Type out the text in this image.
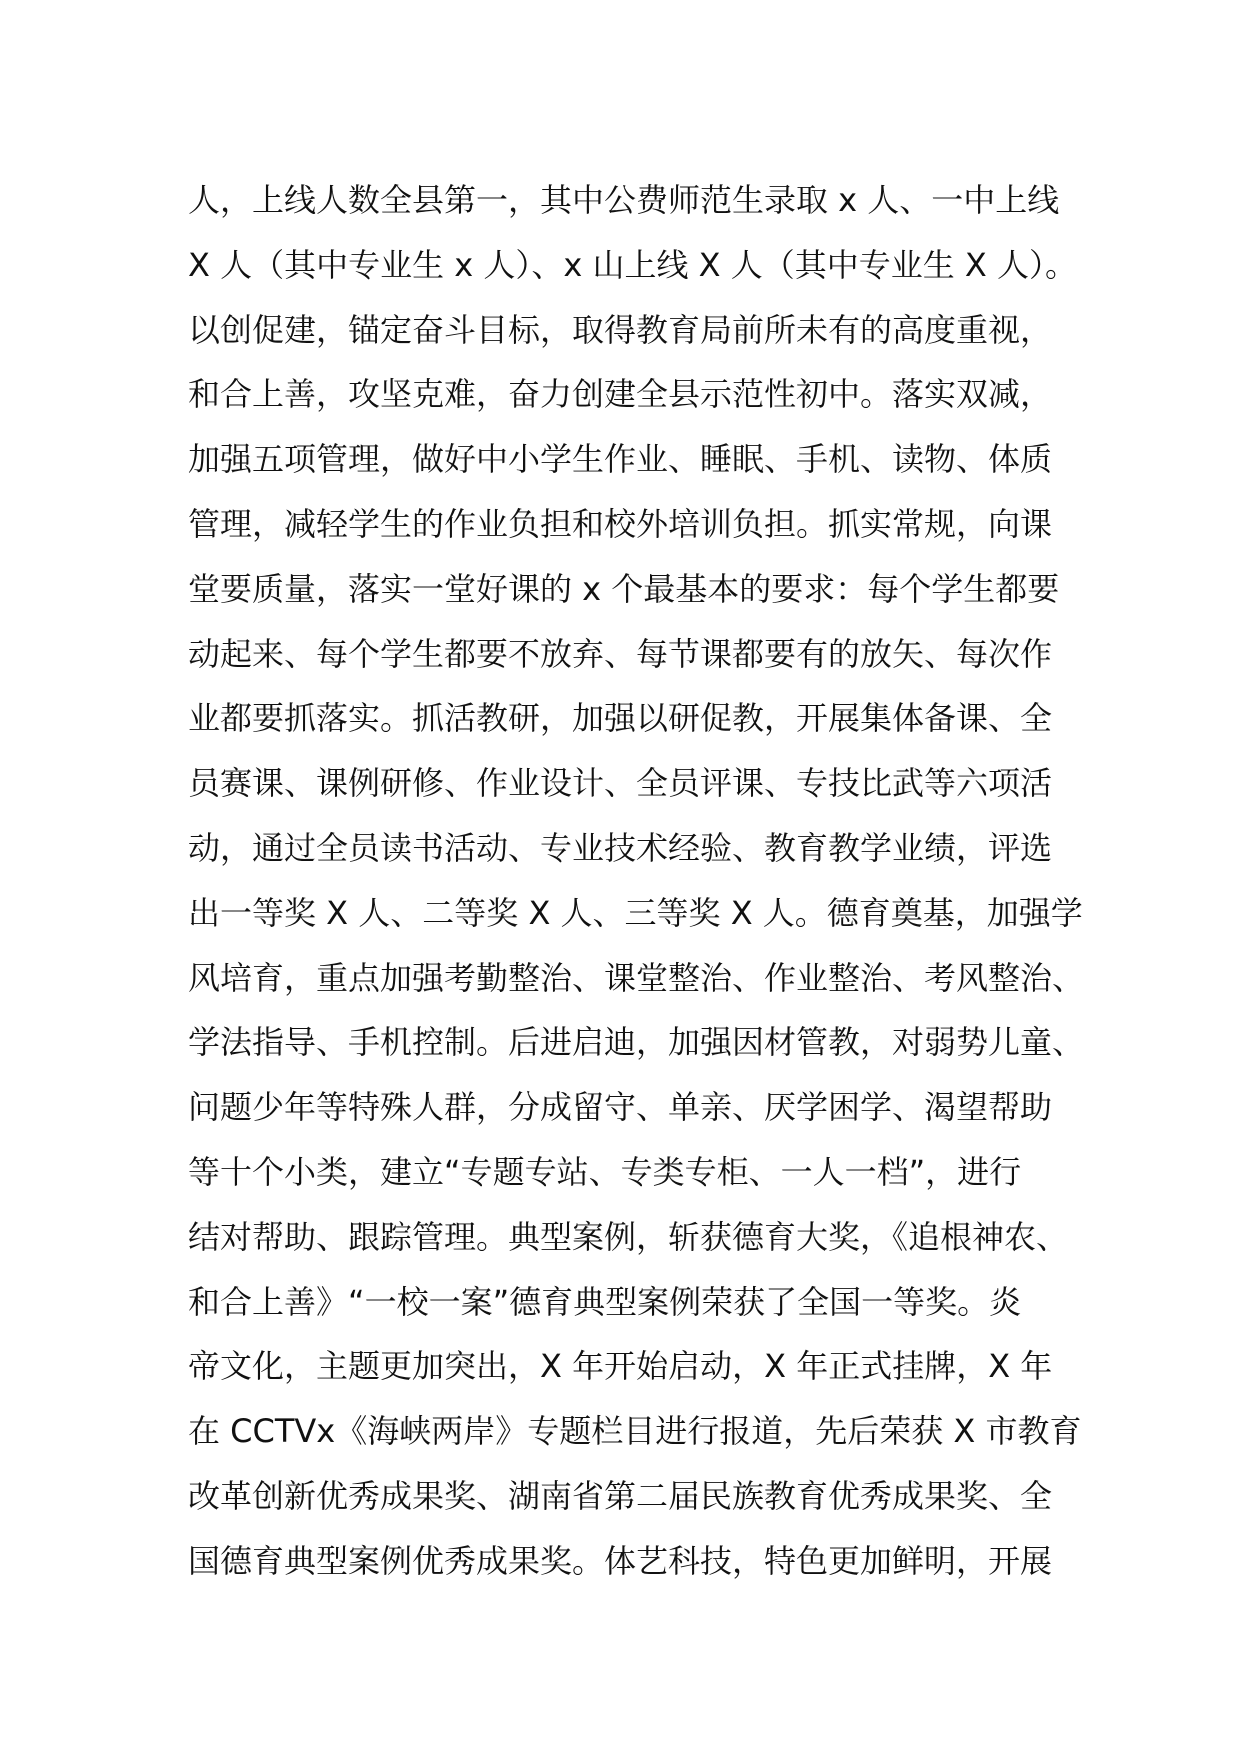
人，上线人数全县第一，其中公费师范生录取 x 人、一中上线
X 人（其中专业生 x 人）、x 山上线 X 人（其中专业生 X 人）。
以创促建，锚定奋斗目标，取得教育局前所未有的高度重视，
和合上善，攻坚克难，奋力创建全县示范性初中。落实双减，
加强五项管理，做好中小学生作业、睡眠、手机、读物、体质
管理，减轻学生的作业负担和校外培训负担。抓实常规，向课
堂要质量，落实一堂好课的 x 个最基本的要求：每个学生都要
动起来、每个学生都要不放弃、每节课都要有的放矢、每次作
业都要抓落实。抓活教研，加强以研促教，开展集体备课、全
员赛课、课例研修、作业设计、全员评课、专技比武等六项活
动，通过全员读书活动、专业技术经验、教育教学业绩，评选
出一等奖 X 人、二等奖 X 人、三等奖 X 人。德育奠基，加强学
风培育，重点加强考勤整治、课堂整治、作业整治、考风整治、
学法指导、手机控制。后进启迪，加强因材管教，对弱势儿童、
问题少年等特殊人群，分成留守、单亲、厌学困学、渴望帮助
等十个小类，建立“专题专站、专类专柜、一人一档”，进行
结对帮助、跟踪管理。典型案例，斩获德育大奖，《追根神农、
和合上善》“一校一案”德育典型案例荣获了全国一等奖。炎
帝文化，主题更加突出，X 年开始启动，X 年正式挂牌，X 年
在 CCTVx《海峡两岸》专题栏目进行报道，先后荣获 X 市教育
改革创新优秀成果奖、湖南省第二届民族教育优秀成果奖、全
国德育典型案例优秀成果奖。体艺科技，特色更加鲜明，开展
